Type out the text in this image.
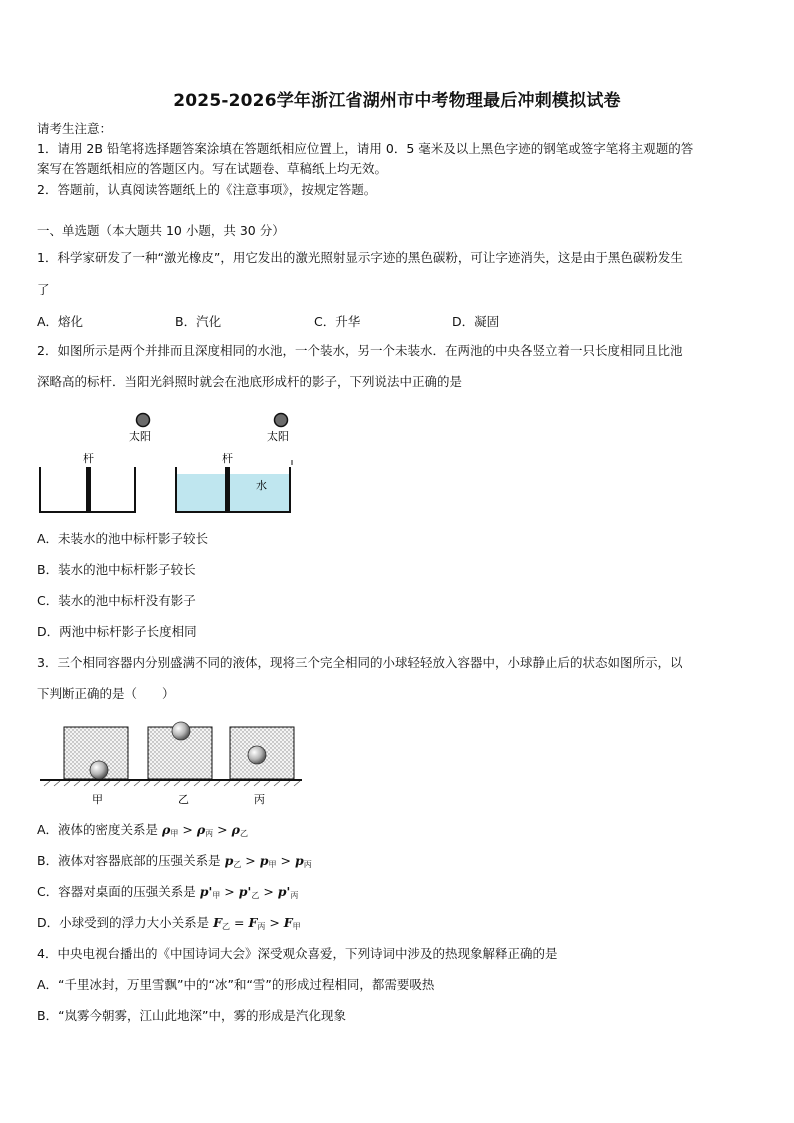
2025-2026学年浙江省湖州市中考物理最后冲刺模拟试卷
请考生注意：
1．请用 2B 铅笔将选择题答案涂填在答题纸相应位置上，请用 0．5 毫米及以上黑色字迹的钢笔或签字笔将主观题的答
案写在答题纸相应的答题区内。写在试题卷、草稿纸上均无效。
2．答题前，认真阅读答题纸上的《注意事项》，按规定答题。
一、单选题（本大题共 10 小题，共 30 分）
1．科学家研发了一种“激光橡皮”，用它发出的激光照射显示字迹的黑色碳粉，可让字迹消失，这是由于黑色碳粉发生
了
A．熔化	B．汽化	C．升华	D．凝固
2．如图所示是两个并排而且深度相同的水池，一个装水，另一个未装水．在两池的中央各竖立着一只长度相同且比池
深略高的标杆．当阳光斜照时就会在池底形成杆的影子，下列说法中正确的是
太阳
杆
太阳
杆
水
A．未装水的池中标杆影子较长
B．装水的池中标杆影子较长
C．装水的池中标杆没有影子
D．两池中标杆影子长度相同
3．三个相同容器内分别盛满不同的液体，现将三个完全相同的小球轻轻放入容器中，小球静止后的状态如图所示，以
下判断正确的是（　　）
甲	乙	丙
A．液体的密度关系是 $\rho_甲 > \rho_丙 > \rho_乙$
B．液体对容器底部的压强关系是 $p_乙 > p_甲 > p_丙$
C．容器对桌面的压强关系是 $p'_甲 > p'_乙 > p'_丙$
D．小球受到的浮力大小关系是 $F_乙 = F_丙 > F_甲$
4．中央电视台播出的《中国诗词大会》深受观众喜爱，下列诗词中涉及的热现象解释正确的是
A．“千里冰封，万里雪飘”中的“冰”和“雪”的形成过程相同，都需要吸热
B．“岚雾今朝雾，江山此地深”中，雾的形成是汽化现象
